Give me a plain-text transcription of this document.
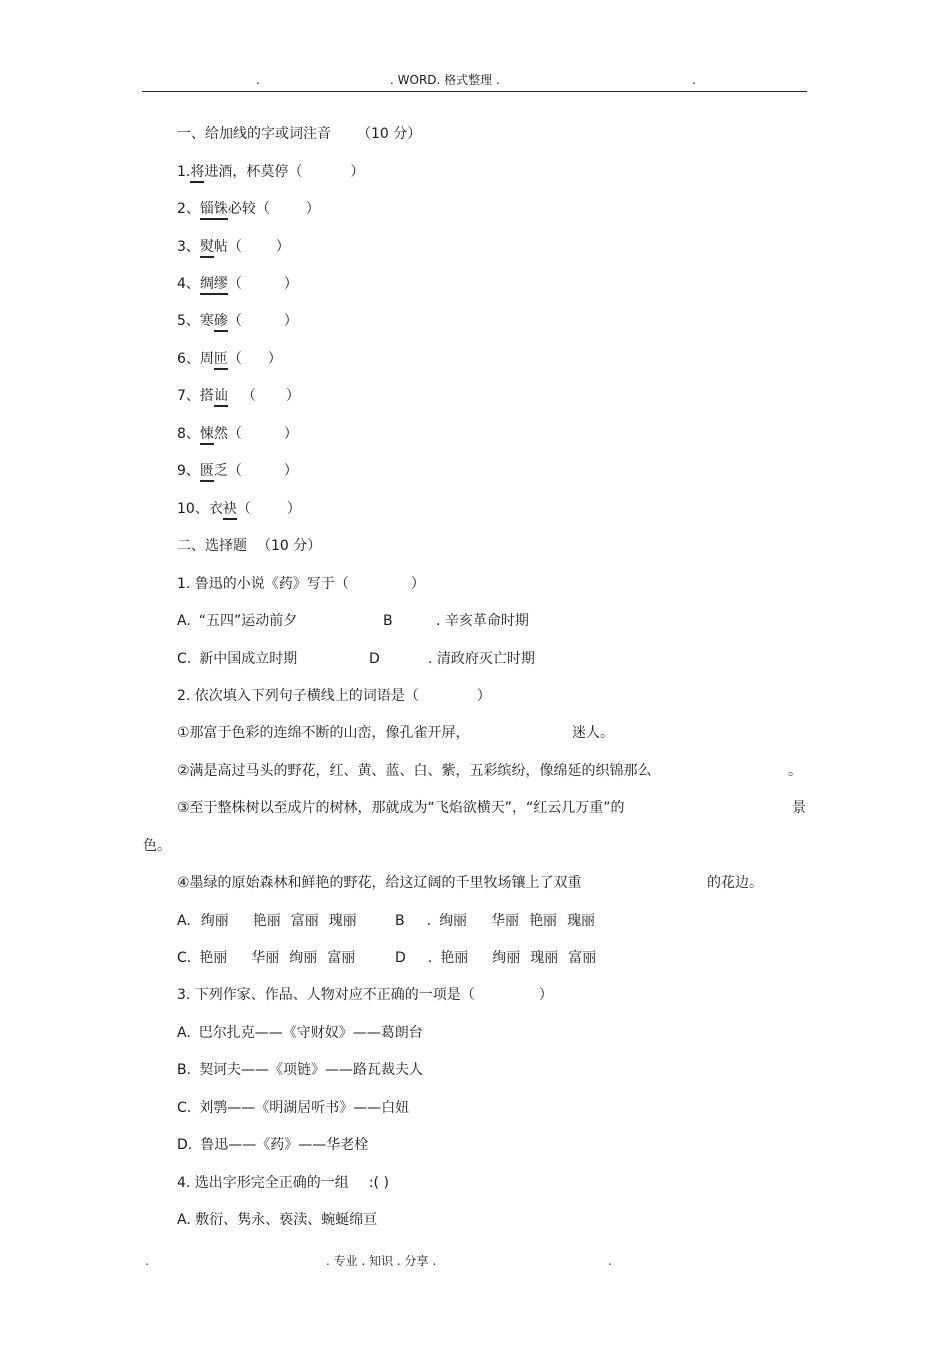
.	. WORD. 格式整理 .	.
一、给加线的字或词注音 （10 分）
1.将进酒，杯莫停（	）
2、锱铢必较（	）
3、熨帖（ ）
4、绸缪（	）
5、寒碜（	）
6、周匝（ ）
7、搭讪 （ ）
8、悚然（	）
9、匮乏（	）
10、衣袂（	）
二、选择题 （10 分）
1. 鲁迅的小说《药》写于（	）
A. “五四”运动前夕	B	. 辛亥革命时期
C. 新中国成立时期	D	. 清政府灭亡时期
2. 依次填入下列句子横线上的词语是（	）
①那富于色彩的连绵不断的山峦，像孔雀开屏，	迷人。
②满是高过马头的野花，红、黄、蓝、白、紫，五彩缤纷，像绵延的织锦那么	。
③至于整株树以至成片的树林，那就成为“飞焰欲横天”，“红云几万重”的	景
色。
④墨绿的原始森林和鲜艳的野花，给这辽阔的千里牧场镶上了双重	的花边。
A. 绚丽 艳丽 富丽 瑰丽	B . 绚丽 华丽 艳丽 瑰丽
C. 艳丽 华丽 绚丽 富丽	D . 艳丽 绚丽 瑰丽 富丽
3. 下列作家、作品、人物对应不正确的一项是（	）
A. 巴尔扎克——《守财奴》——葛朗台
B. 契诃夫——《项链》——路瓦裁夫人
C. 刘鹗——《明湖居听书》——白妞
D. 鲁迅——《药》——华老栓
4. 选出字形完全正确的一组 :( )
A. 敷衍、隽永、亵渎、蜿蜒绵亘
.	. 专业 . 知识 . 分享 .	.
